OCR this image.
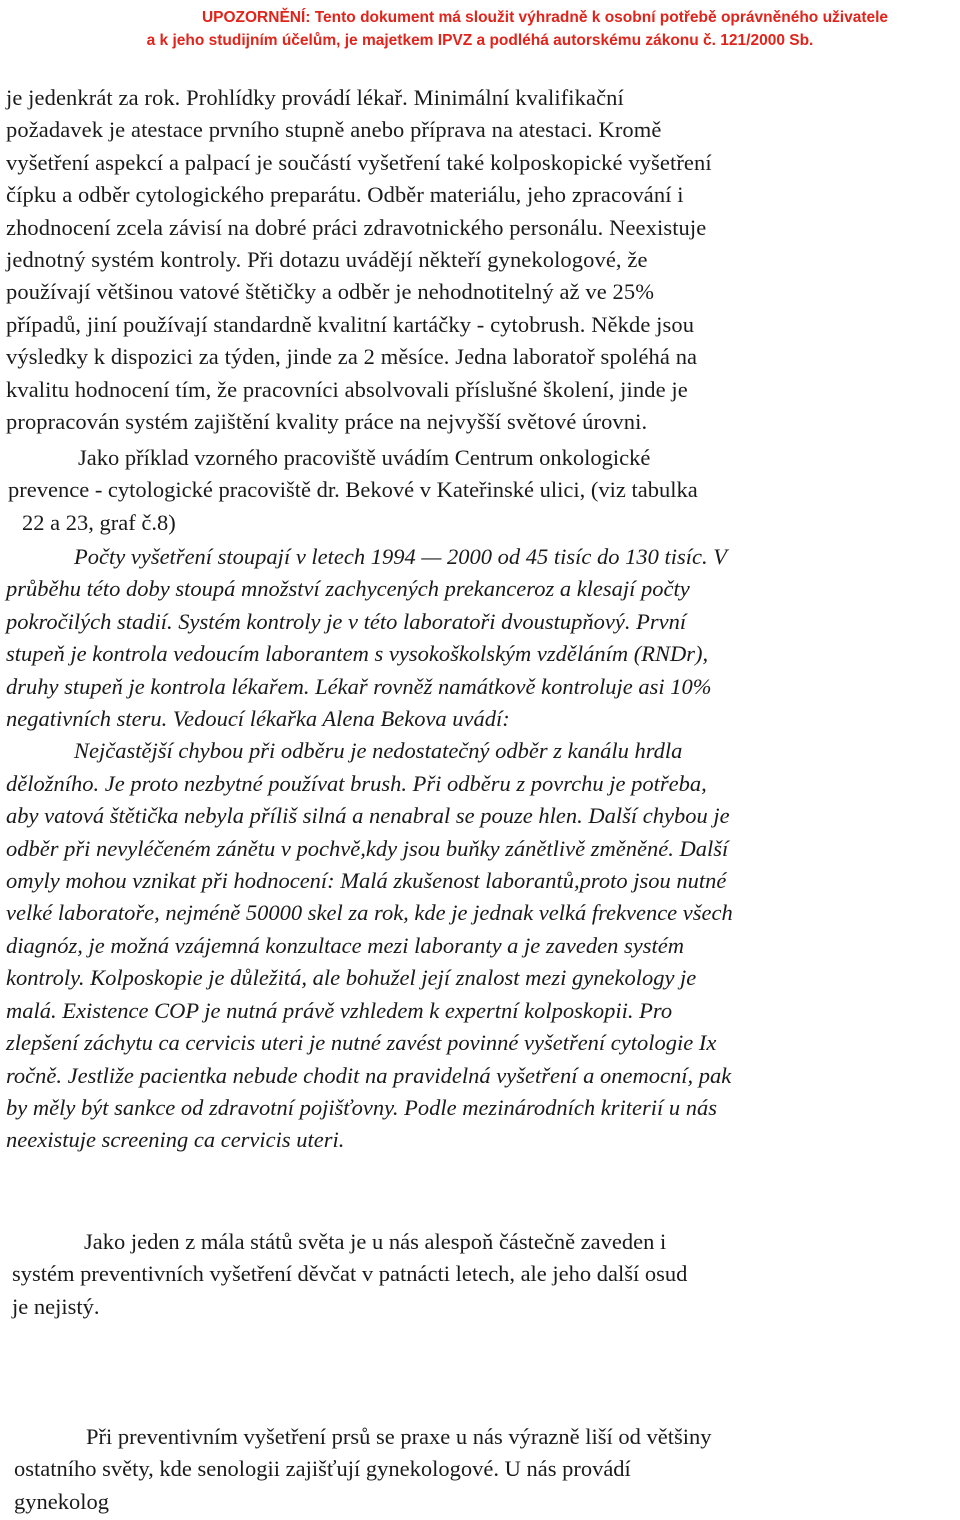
UPOZORNĚNÍ: Tento dokument má sloužit výhradně k osobní potřebě oprávněného uživatele
a k jeho studijním účelům, je majetkem IPVZ a podléhá autorskému zákonu č. 121/2000 Sb.
je jedenkrát za rok. Prohlídky provádí lékař. Minimální kvalifikační
požadavek je atestace prvního stupně anebo příprava na atestaci. Kromě
vyšetření aspekcí a palpací je součástí vyšetření také kolposkopické vyšetření
čípku a odběr cytologického preparátu. Odběr materiálu, jeho zpracování i
zhodnocení zcela závisí na dobré práci zdravotnického personálu. Neexistuje
jednotný systém kontroly. Při dotazu uvádějí někteří gynekologové, že
používají většinou vatové štětičky a odběr je nehodnotitelný až ve 25%
případů, jiní používají standardně kvalitní kartáčky - cytobrush. Někde jsou
výsledky k dispozici za týden, jinde za 2 měsíce. Jedna laboratoř spoléhá na
kvalitu hodnocení tím, že pracovníci absolvovali příslušné školení, jinde je
propracován systém zajištění kvality práce na nejvyšší světové úrovni.
Jako příklad vzorného pracoviště uvádím Centrum onkologické
prevence - cytologické pracoviště dr. Bekové v Kateřinské ulici, (viz tabulka
22 a 23, graf č.8)
Počty vyšetření stoupají v letech 1994 — 2000 od 45 tisíc do 130 tisíc. V
průběhu této doby stoupá množství zachycených prekanceroz a klesají počty
pokročilých stadií. Systém kontroly je v této laboratoři dvoustupňový. První
stupeň je kontrola vedoucím laborantem s vysokoškolským vzděláním (RNDr),
druhy stupeň je kontrola lékařem. Lékař rovněž namátkově kontroluje asi 10%
negativních steru. Vedoucí lékařka Alena Bekova uvádí:
Nejčastější chybou při odběru je nedostatečný odběr z kanálu hrdla
děložního. Je proto nezbytné používat brush. Při odběru z povrchu je potřeba,
aby vatová štětička nebyla příliš silná a nenabral se pouze hlen. Další chybou je
odběr při nevyléčeném zánětu v pochvě,kdy jsou buňky zánětlivě změněné. Další
omyly mohou vznikat při hodnocení: Malá zkušenost laborantů,proto jsou nutné
velké laboratoře, nejméně 50000 skel za rok, kde je jednak velká frekvence všech
diagnóz, je možná vzájemná konzultace mezi laboranty a je zaveden systém
kontroly. Kolposkopie je důležitá, ale bohužel její znalost mezi gynekology je
malá. Existence COP je nutná právě vzhledem k expertní kolposkopii. Pro
zlepšení záchytu ca cervicis uteri je nutné zavést povinné vyšetření cytologie Ix
ročně. Jestliže pacientka nebude chodit na pravidelná vyšetření a onemocní, pak
by měly být sankce od zdravotní pojišťovny. Podle mezinárodních kriterií u nás
neexistuje screening ca cervicis uteri.
Jako jeden z mála států světa je u nás alespoň částečně zaveden i
systém preventivních vyšetření děvčat v patnácti letech, ale jeho další osud
je nejistý.
Při preventivním vyšetření prsů se praxe u nás výrazně liší od většiny
ostatního světy, kde senologii zajišťují gynekologové. U nás provádí
gynekolog
